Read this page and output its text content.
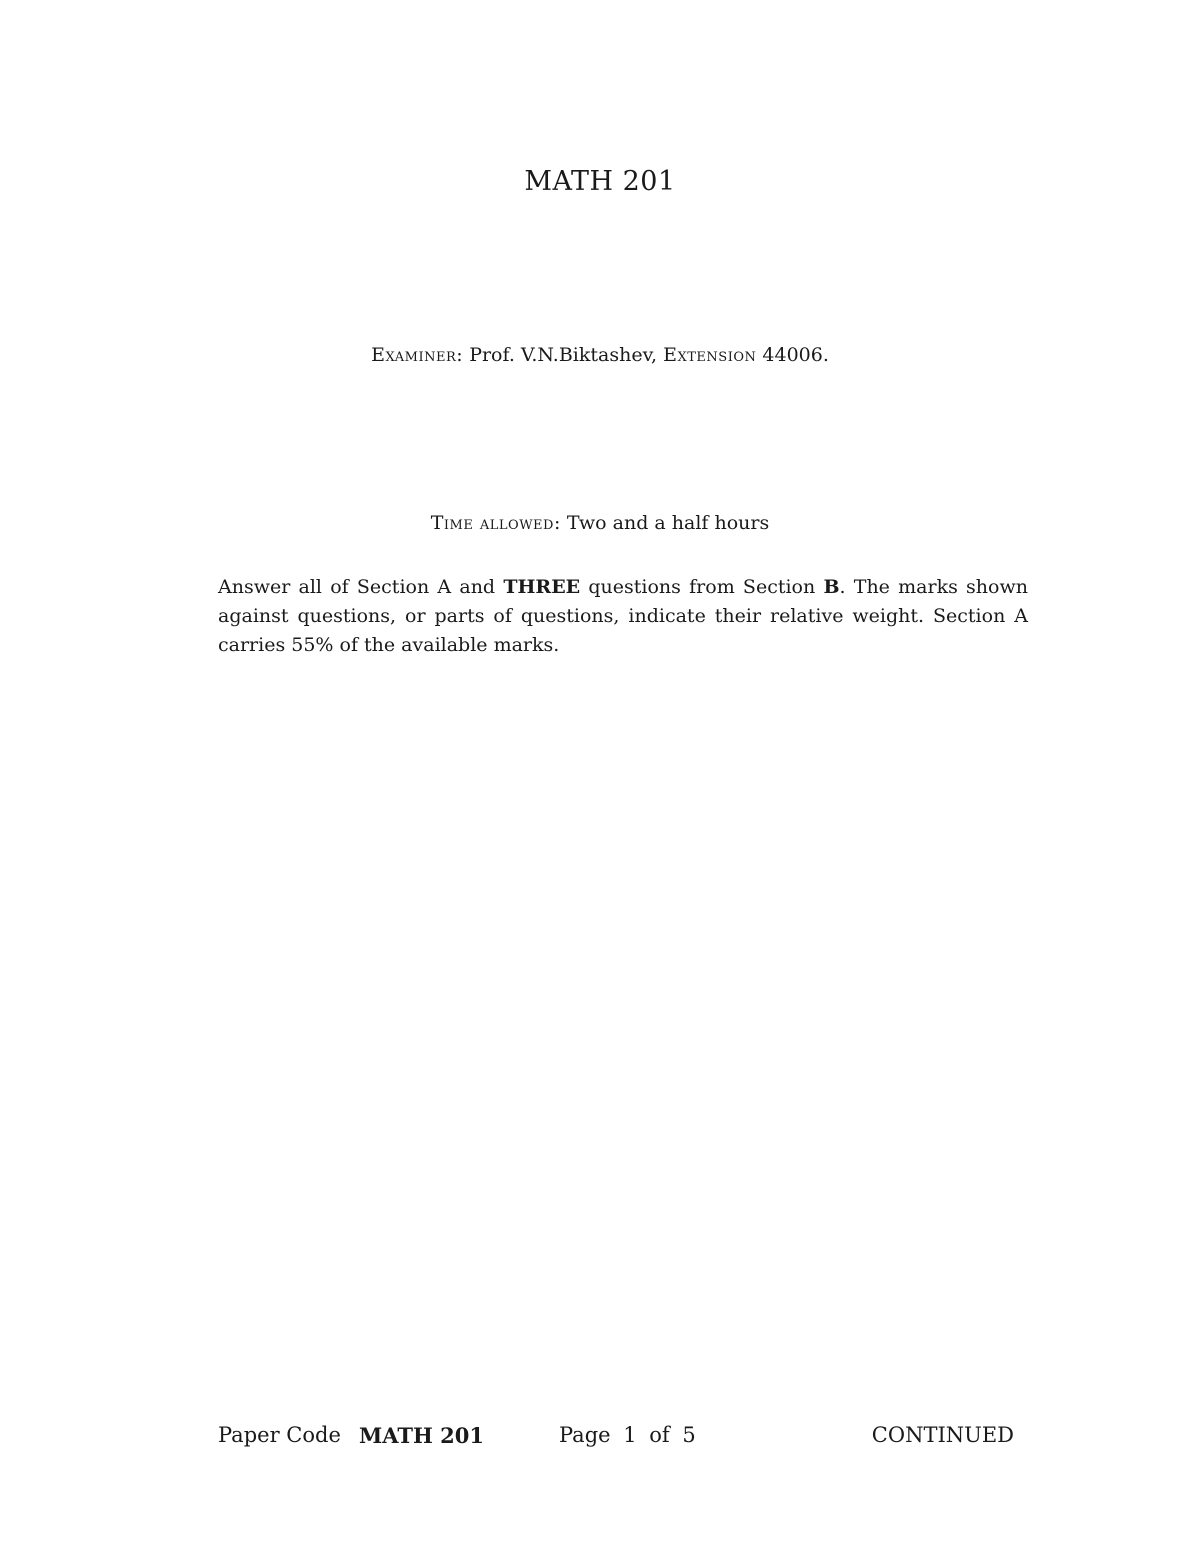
MATH 201
Examiner: Prof. V.N.Biktashev, Extension 44006.
Time allowed: Two and a half hours
Answer all of Section A and THREE questions from Section B. The marks shown against questions, or parts of questions, indicate their relative weight. Section A carries 55% of the available marks.
Paper Code MATH 201	Page 1 of 5	CONTINUED
